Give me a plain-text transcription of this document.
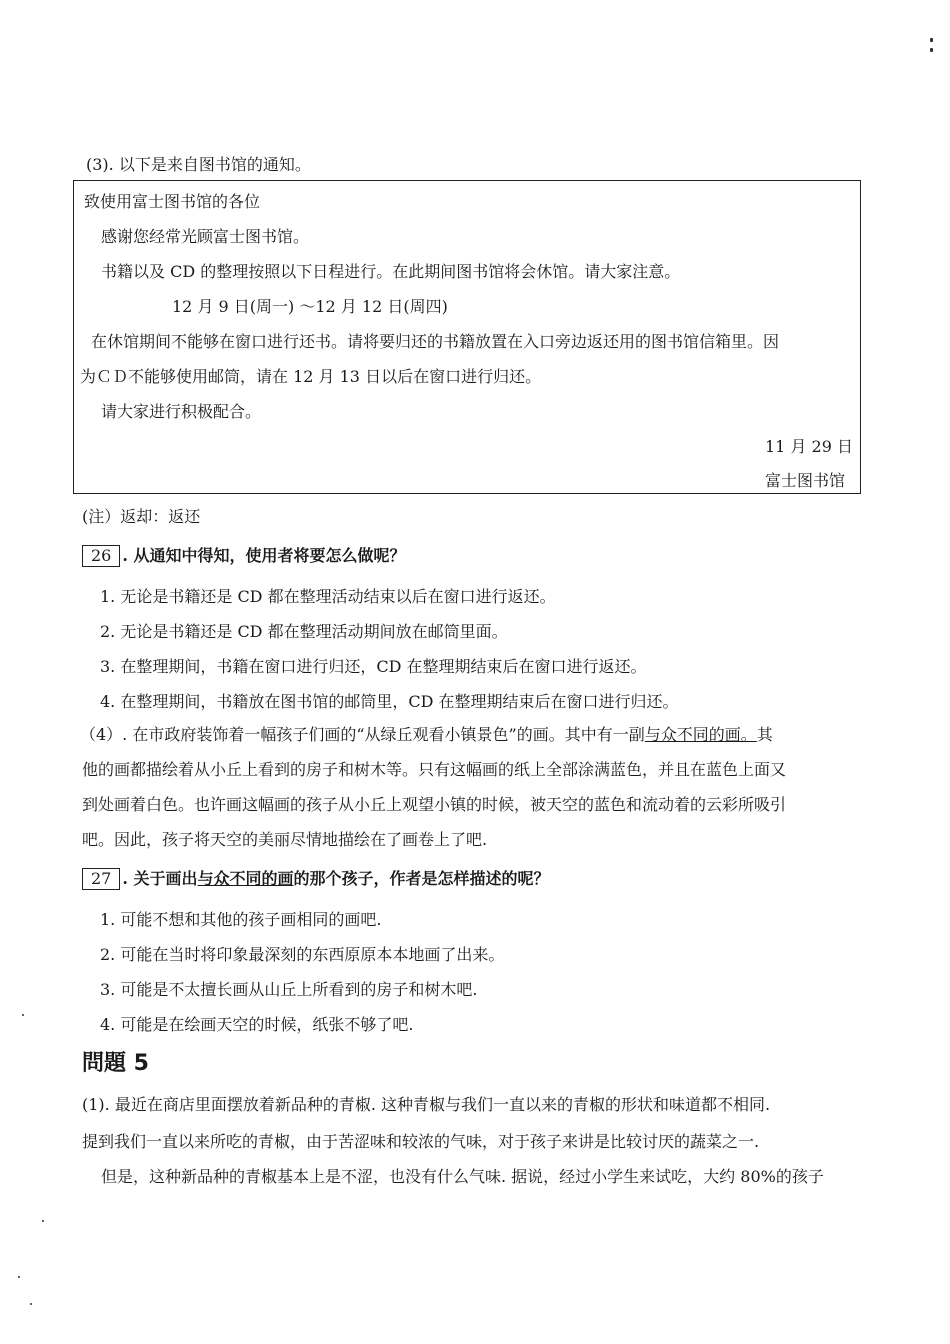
(3). 以下是来自图书馆的通知。
致使用富士图书馆的各位
感谢您经常光顾富士图书馆。
书籍以及 CD 的整理按照以下日程进行。在此期间图书馆将会休馆。请大家注意。
12 月 9 日(周一) ～12 月 12 日(周四)
在休馆期间不能够在窗口进行还书。请将要归还的书籍放置在入口旁边返还用的图书馆信箱里。因
为ＣＤ不能够使用邮筒，请在 12 月 13 日以后在窗口进行归还。
请大家进行积极配合。
11 月 29 日
富士图书馆
(注）返却：返还
26 . 从通知中得知，使用者将要怎么做呢？
1. 无论是书籍还是 CD 都在整理活动结束以后在窗口进行返还。
2. 无论是书籍还是 CD 都在整理活动期间放在邮筒里面。
3. 在整理期间，书籍在窗口进行归还，CD 在整理期结束后在窗口进行返还。
4. 在整理期间，书籍放在图书馆的邮筒里，CD 在整理期结束后在窗口进行归还。
（4）. 在市政府装饰着一幅孩子们画的“从绿丘观看小镇景色”的画。其中有一副与众不同的画。其
他的画都描绘着从小丘上看到的房子和树木等。只有这幅画的纸上全部涂满蓝色，并且在蓝色上面又
到处画着白色。也许画这幅画的孩子从小丘上观望小镇的时候，被天空的蓝色和流动着的云彩所吸引
吧。因此，孩子将天空的美丽尽情地描绘在了画卷上了吧.
27 . 关于画出与众不同的画的那个孩子，作者是怎样描述的呢？
1. 可能不想和其他的孩子画相同的画吧.
2. 可能在当时将印象最深刻的东西原原本本地画了出来。
3. 可能是不太擅长画从山丘上所看到的房子和树木吧.
4. 可能是在绘画天空的时候，纸张不够了吧.
問題 5
(1). 最近在商店里面摆放着新品种的青椒. 这种青椒与我们一直以来的青椒的形状和味道都不相同.
提到我们一直以来所吃的青椒，由于苦涩味和较浓的气味，对于孩子来讲是比较讨厌的蔬菜之一.
但是，这种新品种的青椒基本上是不涩，也没有什么气味. 据说，经过小学生来试吃，大约 80%的孩子
